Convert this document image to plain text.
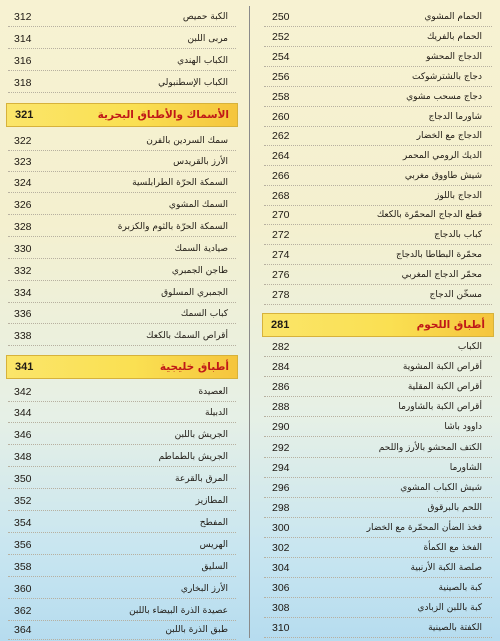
312	الكبة حميص
314	مربى اللبن
316	الكباب الهندي
318	الكباب الإسطنبولي
321	الأسماك والأطباق البحرية
322	سمك السردين بالفرن
323	الأرز بالقريدس
324	السمكة الحرّة الطرابلسية
326	السمك المشوي
328	السمكة الحرّة بالثوم والكزبرة
330	صيادية السمك
332	طاجن الجمبري
334	الجمبري المسلوق
336	كباب السمك
338	أقراص السمك بالكعك
341	أطباق خليجية
342	العصيدة
344	الدبيلة
346	الجريش باللبن
348	الجريش بالطماطم
350	المرق بالقرعة
352	المطازيز
354	المفطح
356	الهريس
358	السليق
360	الأرز البخاري
362	عصيدة الذرة البيضاء باللبن
364	طبق الذرة باللبن
250	الحمام المشوي
252	الحمام بالفريك
254	الدجاج المحشو
256	دجاج بالشترشوكت
258	دجاج مسحب مشوي
260	شاورما الدجاج
262	الدجاج مع الخضار
264	الديك الرومي المحمر
266	شيش طاووق مغربي
268	الدجاج باللوز
270	قطع الدجاج المحمّرة بالكعك
272	كباب بالدجاج
274	محمّرة البطاطا بالدجاج
276	محمّر الدجاج المغربي
278	مسخّن الدجاج
281	أطباق اللحوم
282	الكباب
284	أقراص الكبة المشوية
286	أقراص الكبة المقلية
288	أقراص الكبة بالشاورما
290	داوود باشا
292	الكتف المحشو بالأرز واللحم
294	الشاورما
296	شيش الكباب المشوي
298	اللحم بالبرقوق
300	فخذ الضأن المحمّرة مع الخضار
302	الفخذ مع الكمأة
304	صلصة الكبة الأرنبية
306	كبة بالصينية
308	كبة باللبن الزبادي
310	الكفتة بالصينية
